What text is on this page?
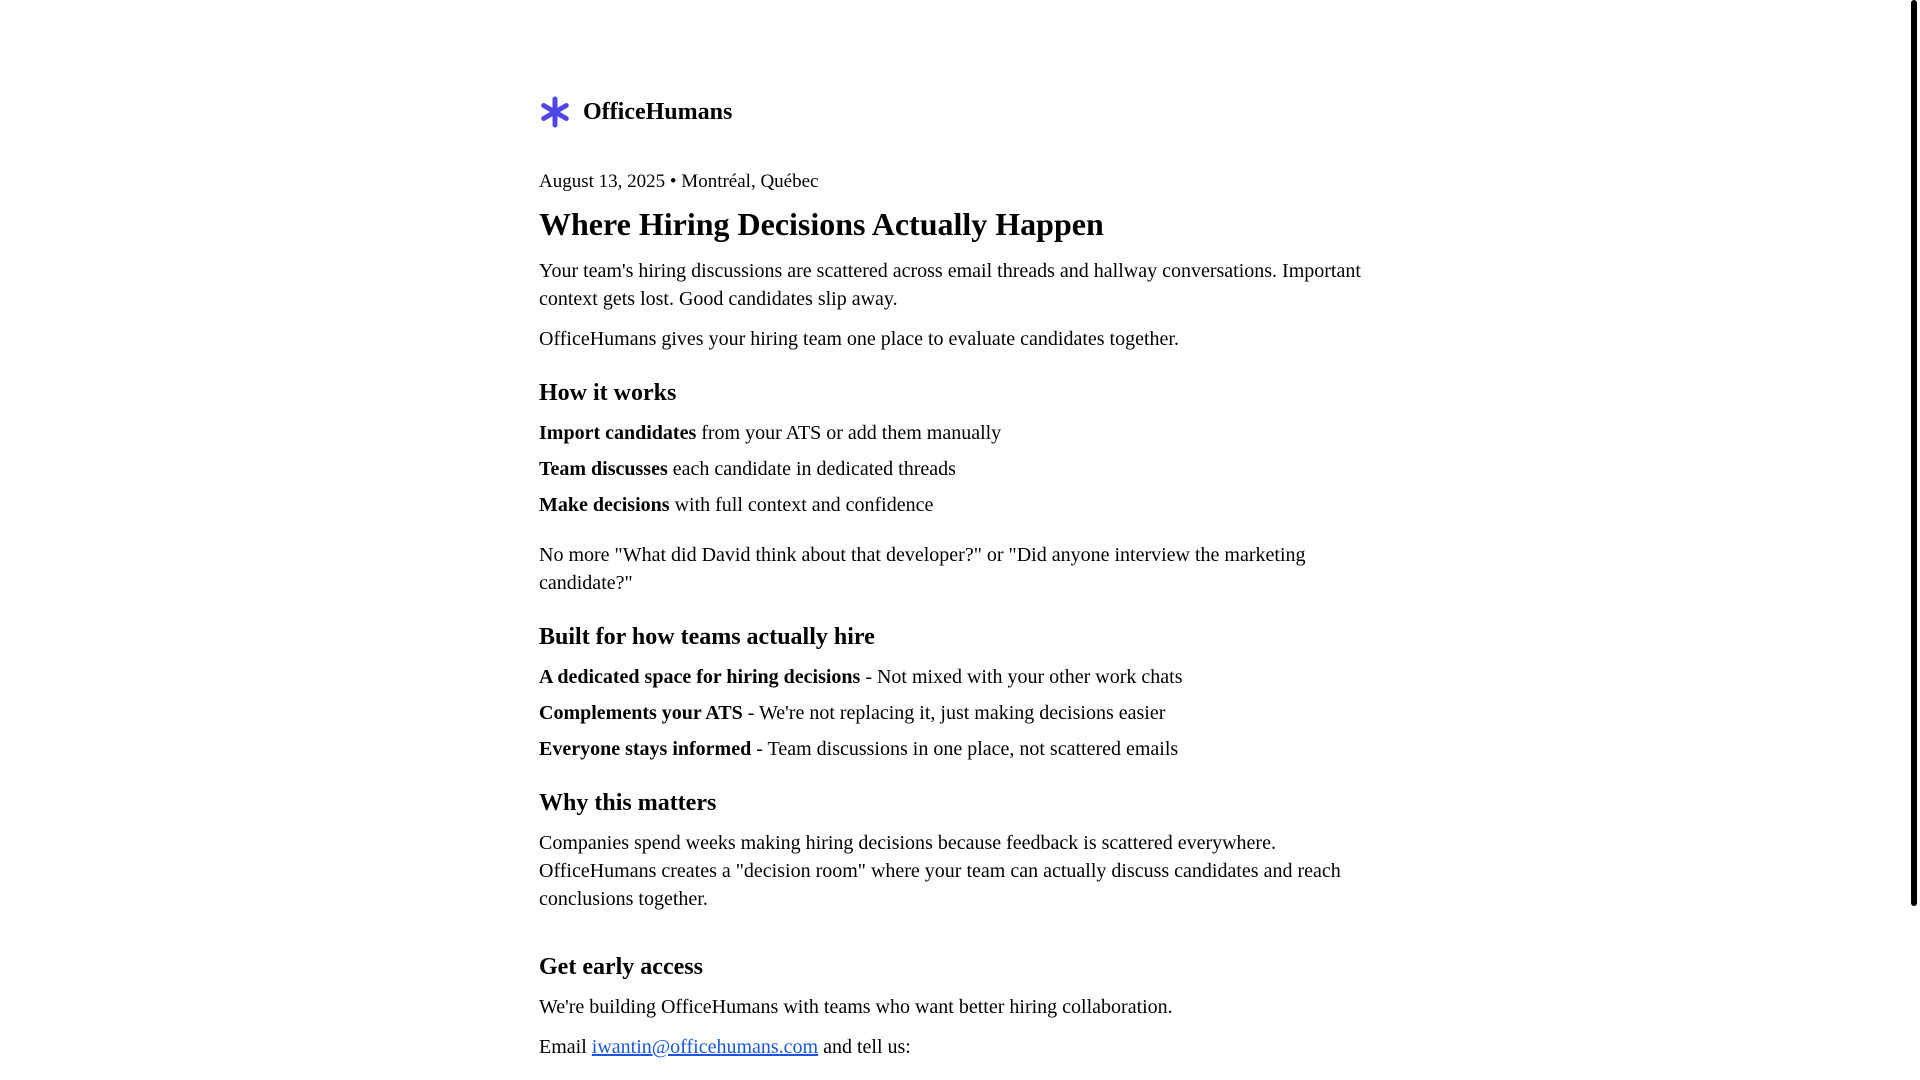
OfficeHumans

August 13, 2025 • Montréal, Québec

Where Hiring Decisions Actually Happen

Your team's hiring discussions are scattered across email threads and hallway conversations. Important context gets lost. Good candidates slip away.

OfficeHumans gives your hiring team one place to evaluate candidates together.

How it works
Import candidates from your ATS or add them manually
Team discusses each candidate in dedicated threads
Make decisions with full context and confidence

No more "What did David think about that developer?" or "Did anyone interview the marketing candidate?"

Built for how teams actually hire
A dedicated space for hiring decisions - Not mixed with your other work chats
Complements your ATS - We're not replacing it, just making decisions easier
Everyone stays informed - Team discussions in one place, not scattered emails
Why this matters

Companies spend weeks making hiring decisions because feedback is scattered everywhere. OfficeHumans creates a "decision room" where your team can actually discuss candidates and reach conclusions together.

Get early access

We're building OfficeHumans with teams who want better hiring collaboration.

Email iwantin@officehumans.com and tell us:
